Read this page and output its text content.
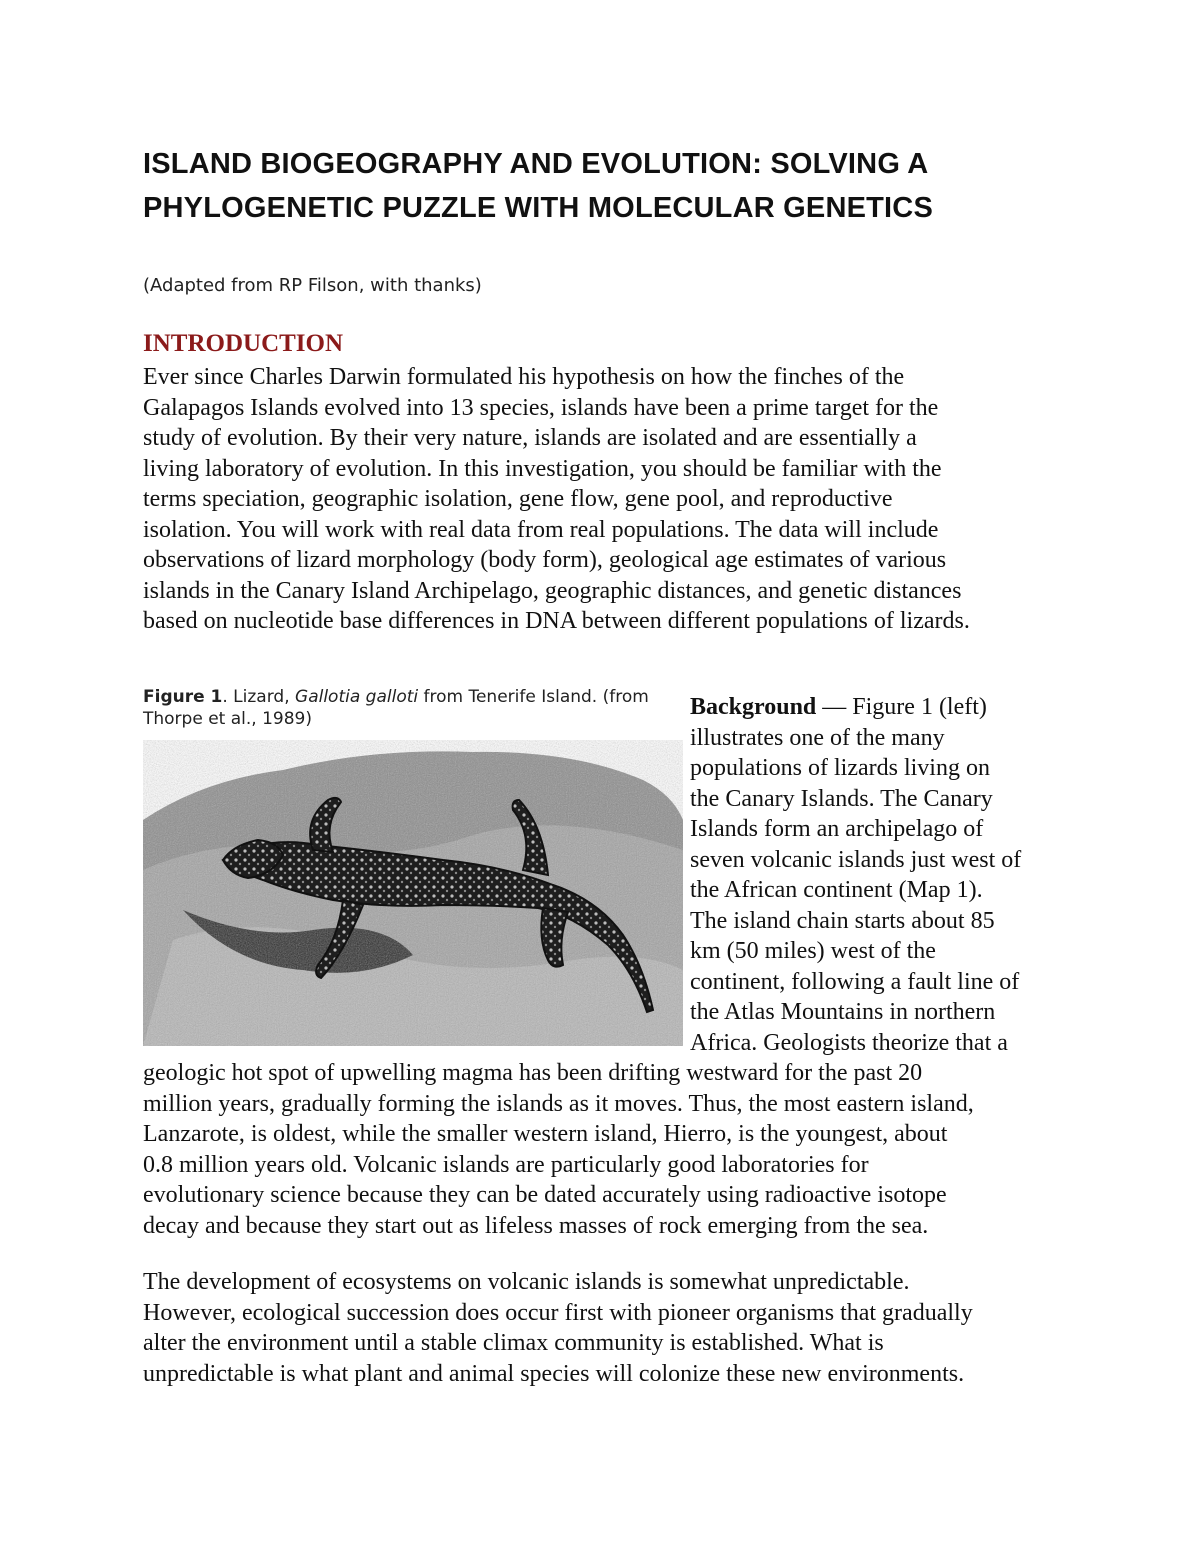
ISLAND BIOGEOGRAPHY AND EVOLUTION: SOLVING A
PHYLOGENETIC PUZZLE WITH MOLECULAR GENETICS
(Adapted from RP Filson, with thanks)
INTRODUCTION
Ever since Charles Darwin formulated his hypothesis on how the finches of the
Galapagos Islands evolved into 13 species, islands have been a prime target for the
study of evolution. By their very nature, islands are isolated and are essentially a
living laboratory of evolution. In this investigation, you should be familiar with the
terms speciation, geographic isolation, gene flow, gene pool, and reproductive
isolation. You will work with real data from real populations. The data will include
observations of lizard morphology (body form), geological age estimates of various
islands in the Canary Island Archipelago, geographic distances, and genetic distances
based on nucleotide base differences in DNA between different populations of lizards.
Figure 1. Lizard, Gallotia galloti from Tenerife Island. (from
Thorpe et al., 1989)	Background — Figure 1 (left)
illustrates one of the many
populations of lizards living on
the Canary Islands. The Canary
Islands form an archipelago of
seven volcanic islands just west of
the African continent (Map 1).
The island chain starts about 85
km (50 miles) west of the
continent, following a fault line of
the Atlas Mountains in northern
Africa. Geologists theorize that a
geologic hot spot of upwelling magma has been drifting westward for the past 20
million years, gradually forming the islands as it moves. Thus, the most eastern island,
Lanzarote, is oldest, while the smaller western island, Hierro, is the youngest, about
0.8 million years old. Volcanic islands are particularly good laboratories for
evolutionary science because they can be dated accurately using radioactive isotope
decay and because they start out as lifeless masses of rock emerging from the sea.
The development of ecosystems on volcanic islands is somewhat unpredictable.
However, ecological succession does occur first with pioneer organisms that gradually
alter the environment until a stable climax community is established. What is
unpredictable is what plant and animal species will colonize these new environments.
